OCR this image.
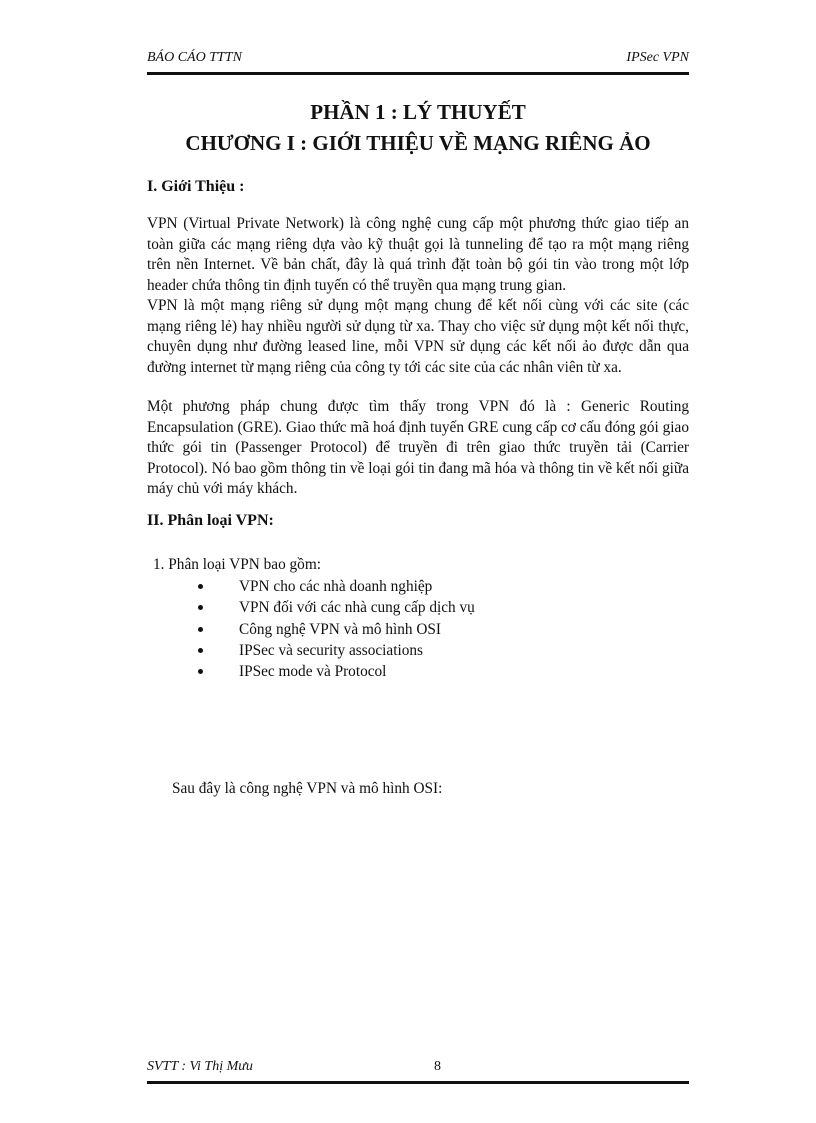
BÁO CÁO TTTN	IPSec VPN
PHẦN 1 : LÝ THUYẾT
CHƯƠNG I : GIỚI THIỆU VỀ MẠNG RIÊNG ẢO
I. Giới Thiệu :

VPN (Virtual Private Network) là công nghệ cung cấp một phương thức giao tiếp an toàn giữa các mạng riêng dựa vào kỹ thuật gọi là tunneling để tạo ra một mạng riêng trên nền Internet. Về bản chất, đây là quá trình đặt toàn bộ gói tin vào trong một lớp header chứa thông tin định tuyến có thể truyền qua mạng trung gian.

VPN là một mạng riêng sử dụng một mạng chung để kết nối cùng với các site (các mạng riêng lẻ) hay nhiều người sử dụng từ xa. Thay cho việc sử dụng một kết nối thực, chuyên dụng như đường leased line, mỗi VPN sử dụng các kết nối ảo được dẫn qua đường internet từ mạng riêng của công ty tới các site của các nhân viên từ xa.

Một phương pháp chung được tìm thấy trong VPN đó là : Generic Routing Encapsulation (GRE). Giao thức mã hoá định tuyến GRE cung cấp cơ cấu đóng gói giao thức gói tin (Passenger Protocol) để truyền đi trên giao thức truyền tải (Carrier Protocol). Nó bao gồm thông tin về loại gói tin đang mã hóa và thông tin về kết nối giữa máy chủ với máy khách.

II. Phân loại VPN:
1. Phân loại VPN bao gồm:
VPN cho các nhà doanh nghiệp
VPN đối với các nhà cung cấp dịch vụ
Công nghệ VPN và mô hình OSI
IPSec và security associations
IPSec mode và Protocol
Sau đây là công nghệ VPN và mô hình OSI:
SVTT : Vi Thị Mưu	8
